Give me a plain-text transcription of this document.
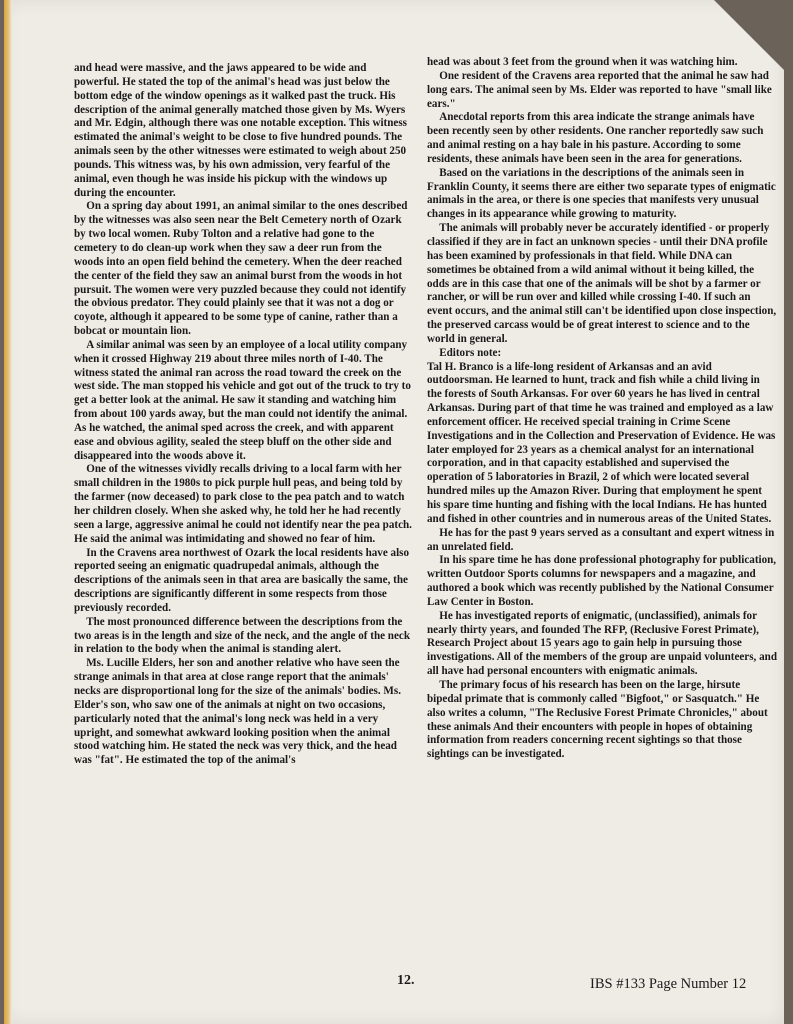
and head were massive, and the jaws appeared to be wide and powerful. He stated the top of the animal's head was just below the bottom edge of the window openings as it walked past the truck. His description of the animal generally matched those given by Ms. Wyers and Mr. Edgin, although there was one notable exception. This witness estimated the animal's weight to be close to five hundred pounds. The animals seen by the other witnesses were estimated to weigh about 250 pounds. This witness was, by his own admission, very fearful of the animal, even though he was inside his pickup with the windows up during the encounter.

On a spring day about 1991, an animal similar to the ones described by the witnesses was also seen near the Belt Cemetery north of Ozark by two local women. Ruby Tolton and a relative had gone to the cemetery to do clean-up work when they saw a deer run from the woods into an open field behind the cemetery. When the deer reached the center of the field they saw an animal burst from the woods in hot pursuit. The women were very puzzled because they could not identify the obvious predator. They could plainly see that it was not a dog or coyote, although it appeared to be some type of canine, rather than a bobcat or mountain lion.

A similar animal was seen by an employee of a local utility company when it crossed Highway 219 about three miles north of I-40. The witness stated the animal ran across the road toward the creek on the west side. The man stopped his vehicle and got out of the truck to try to get a better look at the animal. He saw it standing and watching him from about 100 yards away, but the man could not identify the animal. As he watched, the animal sped across the creek, and with apparent ease and obvious agility, sealed the steep bluff on the other side and disappeared into the woods above it.

One of the witnesses vividly recalls driving to a local farm with her small children in the 1980s to pick purple hull peas, and being told by the farmer (now deceased) to park close to the pea patch and to watch her children closely. When she asked why, he told her he had recently seen a large, aggressive animal he could not identify near the pea patch. He said the animal was intimidating and showed no fear of him.

In the Cravens area northwest of Ozark the local residents have also reported seeing an enigmatic quadrupedal animals, although the descriptions of the animals seen in that area are basically the same, the descriptions are significantly different in some respects from those previously recorded.

The most pronounced difference between the descriptions from the two areas is in the length and size of the neck, and the angle of the neck in relation to the body when the animal is standing alert.

Ms. Lucille Elders, her son and another relative who have seen the strange animals in that area at close range report that the animals' necks are disproportional long for the size of the animals' bodies. Ms. Elder's son, who saw one of the animals at night on two occasions, particularly noted that the animal's long neck was held in a very upright, and somewhat awkward looking position when the animal stood watching him. He stated the neck was very thick, and the head was "fat". He estimated the top of the animal's

head was about 3 feet from the ground when it was watching him.

One resident of the Cravens area reported that the animal he saw had long ears. The animal seen by Ms. Elder was reported to have "small like ears."

Anecdotal reports from this area indicate the strange animals have been recently seen by other residents. One rancher reportedly saw such and animal resting on a hay bale in his pasture. According to some residents, these animals have been seen in the area for generations.

Based on the variations in the descriptions of the animals seen in Franklin County, it seems there are either two separate types of enigmatic animals in the area, or there is one species that manifests very unusual changes in its appearance while growing to maturity.

The animals will probably never be accurately identified - or properly classified if they are in fact an unknown species - until their DNA profile has been examined by professionals in that field. While DNA can sometimes be obtained from a wild animal without it being killed, the odds are in this case that one of the animals will be shot by a farmer or rancher, or will be run over and killed while crossing I-40. If such an event occurs, and the animal still can't be identified upon close inspection, the preserved carcass would be of great interest to science and to the world in general.

Editors note:

Tal H. Branco is a life-long resident of Arkansas and an avid outdoorsman. He learned to hunt, track and fish while a child living in the forests of South Arkansas. For over 60 years he has lived in central Arkansas. During part of that time he was trained and employed as a law enforcement officer. He received special training in Crime Scene Investigations and in the Collection and Preservation of Evidence. He was later employed for 23 years as a chemical analyst for an international corporation, and in that capacity established and supervised the operation of 5 laboratories in Brazil, 2 of which were located several hundred miles up the Amazon River. During that employment he spent his spare time hunting and fishing with the local Indians. He has hunted and fished in other countries and in numerous areas of the United States.

He has for the past 9 years served as a consultant and expert witness in an unrelated field.

In his spare time he has done professional photography for publication, written Outdoor Sports columns for newspapers and a magazine, and authored a book which was recently published by the National Consumer Law Center in Boston.

He has investigated reports of enigmatic, (unclassified), animals for nearly thirty years, and founded The RFP, (Reclusive Forest Primate), Research Project about 15 years ago to gain help in pursuing those investigations. All of the members of the group are unpaid volunteers, and all have had personal encounters with enigmatic animals.

The primary focus of his research has been on the large, hirsute bipedal primate that is commonly called "Bigfoot," or Sasquatch." He also writes a column, "The Reclusive Forest Primate Chronicles," about these animals And their encounters with people in hopes of obtaining information from readers concerning recent sightings so that those sightings can be investigated.

12.	IBS #133 Page Number 12
